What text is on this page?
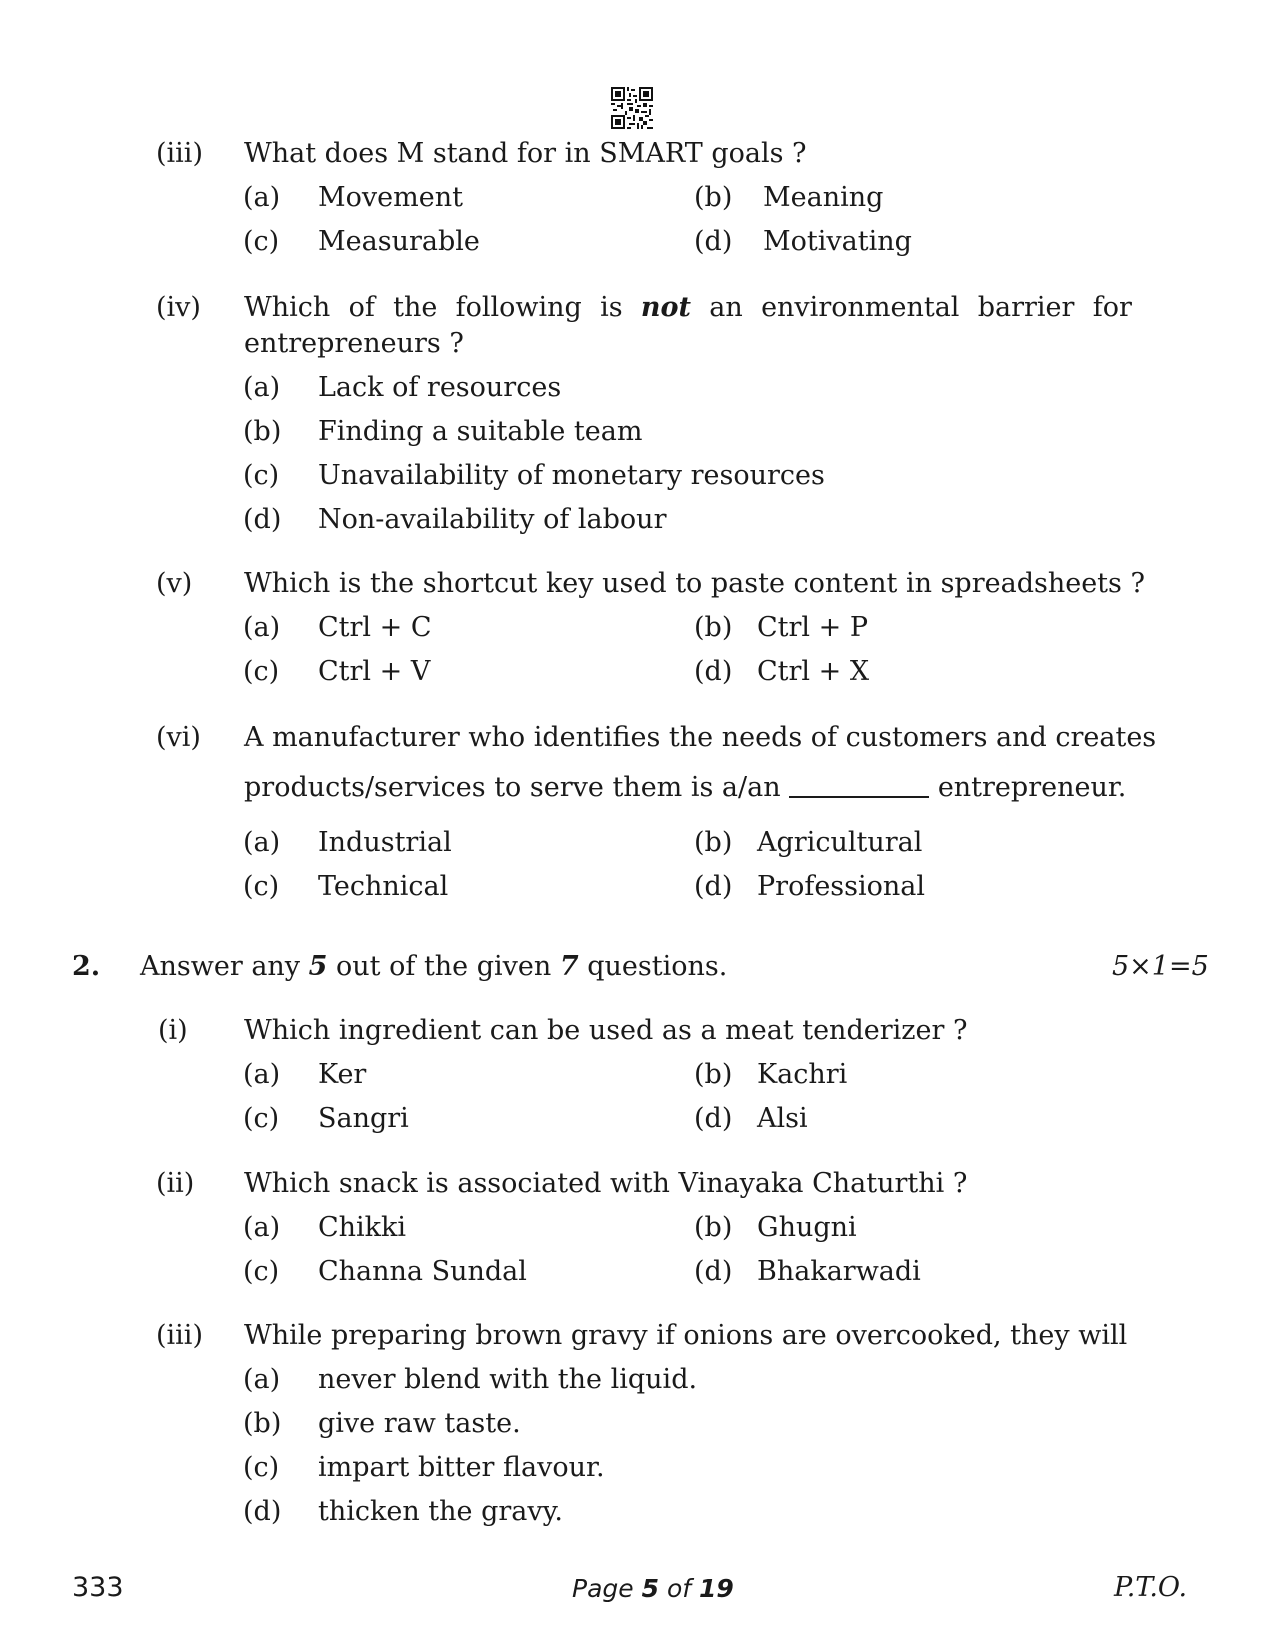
(iii) What does M stand for in SMART goals ?
(a) Movement	(b) Meaning
(c) Measurable	(d) Motivating
(iv) Which of the following is not an environmental barrier for
entrepreneurs ?
(a) Lack of resources
(b) Finding a suitable team
(c) Unavailability of monetary resources
(d) Non-availability of labour
(v) Which is the shortcut key used to paste content in spreadsheets ?
(a) Ctrl + C	(b) Ctrl + P
(c) Ctrl + V	(d) Ctrl + X
(vi) A manufacturer who identifies the needs of customers and creates
products/services to serve them is a/an	entrepreneur.
(a) Industrial	(b) Agricultural
(c) Technical	(d) Professional
2. Answer any 5 out of the given 7 questions.	5×1=5
(i) Which ingredient can be used as a meat tenderizer ?
(a) Ker	(b) Kachri
(c) Sangri	(d) Alsi
(ii) Which snack is associated with Vinayaka Chaturthi ?
(a) Chikki	(b) Ghugni
(c) Channa Sundal	(d) Bhakarwadi
(iii) While preparing brown gravy if onions are overcooked, they will
(a) never blend with the liquid.
(b) give raw taste.
(c) impart bitter flavour.
(d) thicken the gravy.
333	Page 5 of 19	P.T.O.
